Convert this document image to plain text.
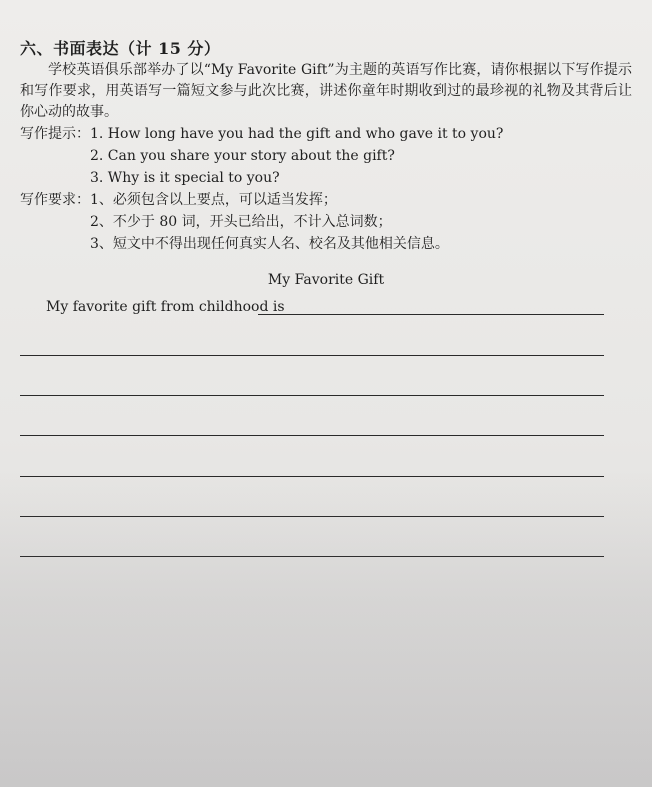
六、书面表达（计 15 分）
学校英语俱乐部举办了以“My Favorite Gift”为主题的英语写作比赛，请你根据以下写作提示和写作要求，用英语写一篇短文参与此次比赛，讲述你童年时期收到过的最珍视的礼物及其背后让你心动的故事。
写作提示：1. How long have you had the gift and who gave it to you?
2. Can you share your story about the gift?
3. Why is it special to you?
写作要求：1、必须包含以上要点，可以适当发挥；
2、不少于 80 词，开头已给出，不计入总词数；
3、短文中不得出现任何真实人名、校名及其他相关信息。
My Favorite Gift
My favorite gift from childhood is
